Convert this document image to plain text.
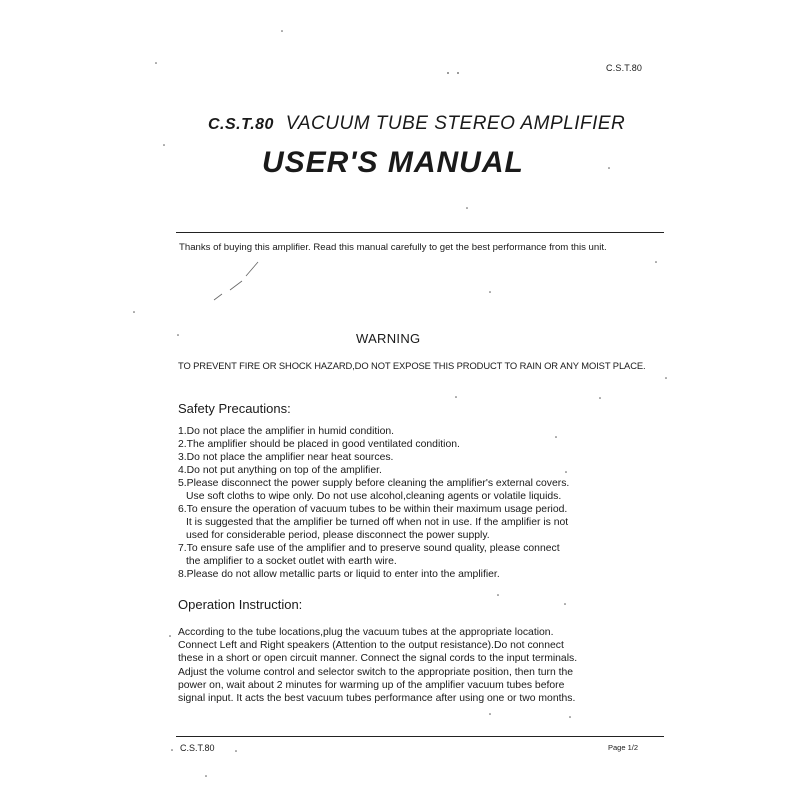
C.S.T.80
C.S.T.80 VACUUM TUBE STEREO AMPLIFIER
USER'S MANUAL
Thanks of buying this amplifier. Read this manual carefully to get the best performance from this unit.
WARNING
TO PREVENT FIRE OR SHOCK HAZARD,DO NOT EXPOSE THIS PRODUCT TO RAIN OR ANY MOIST PLACE.
Safety Precautions:
1.Do not place the amplifier in humid condition.
2.The amplifier should be placed in good ventilated condition.
3.Do not place the amplifier near heat sources.
4.Do not put anything on top of the amplifier.
5.Please disconnect the power supply before cleaning the amplifier's external covers.
Use soft cloths to wipe only. Do not use alcohol,cleaning agents or volatile liquids.
6.To ensure the operation of vacuum tubes to be within their maximum usage period.
It is suggested that the amplifier be turned off when not in use. If the amplifier is not
used for considerable period, please disconnect the power supply.
7.To ensure safe use of the amplifier and to preserve sound quality, please connect
the amplifier to a socket outlet with earth wire.
8.Please do not allow metallic parts or liquid to enter into the amplifier.
Operation Instruction:
According to the tube locations,plug the vacuum tubes at the appropriate location.
Connect Left and Right speakers (Attention to the output resistance).Do not connect
these in a short or open circuit manner. Connect the signal cords to the input terminals.
Adjust the volume control and selector switch to the appropriate position, then turn the
power on, wait about 2 minutes for warming up of the amplifier vacuum tubes before
signal input. It acts the best vacuum tubes performance after using one or two months.
C.S.T.80	Page 1/2
